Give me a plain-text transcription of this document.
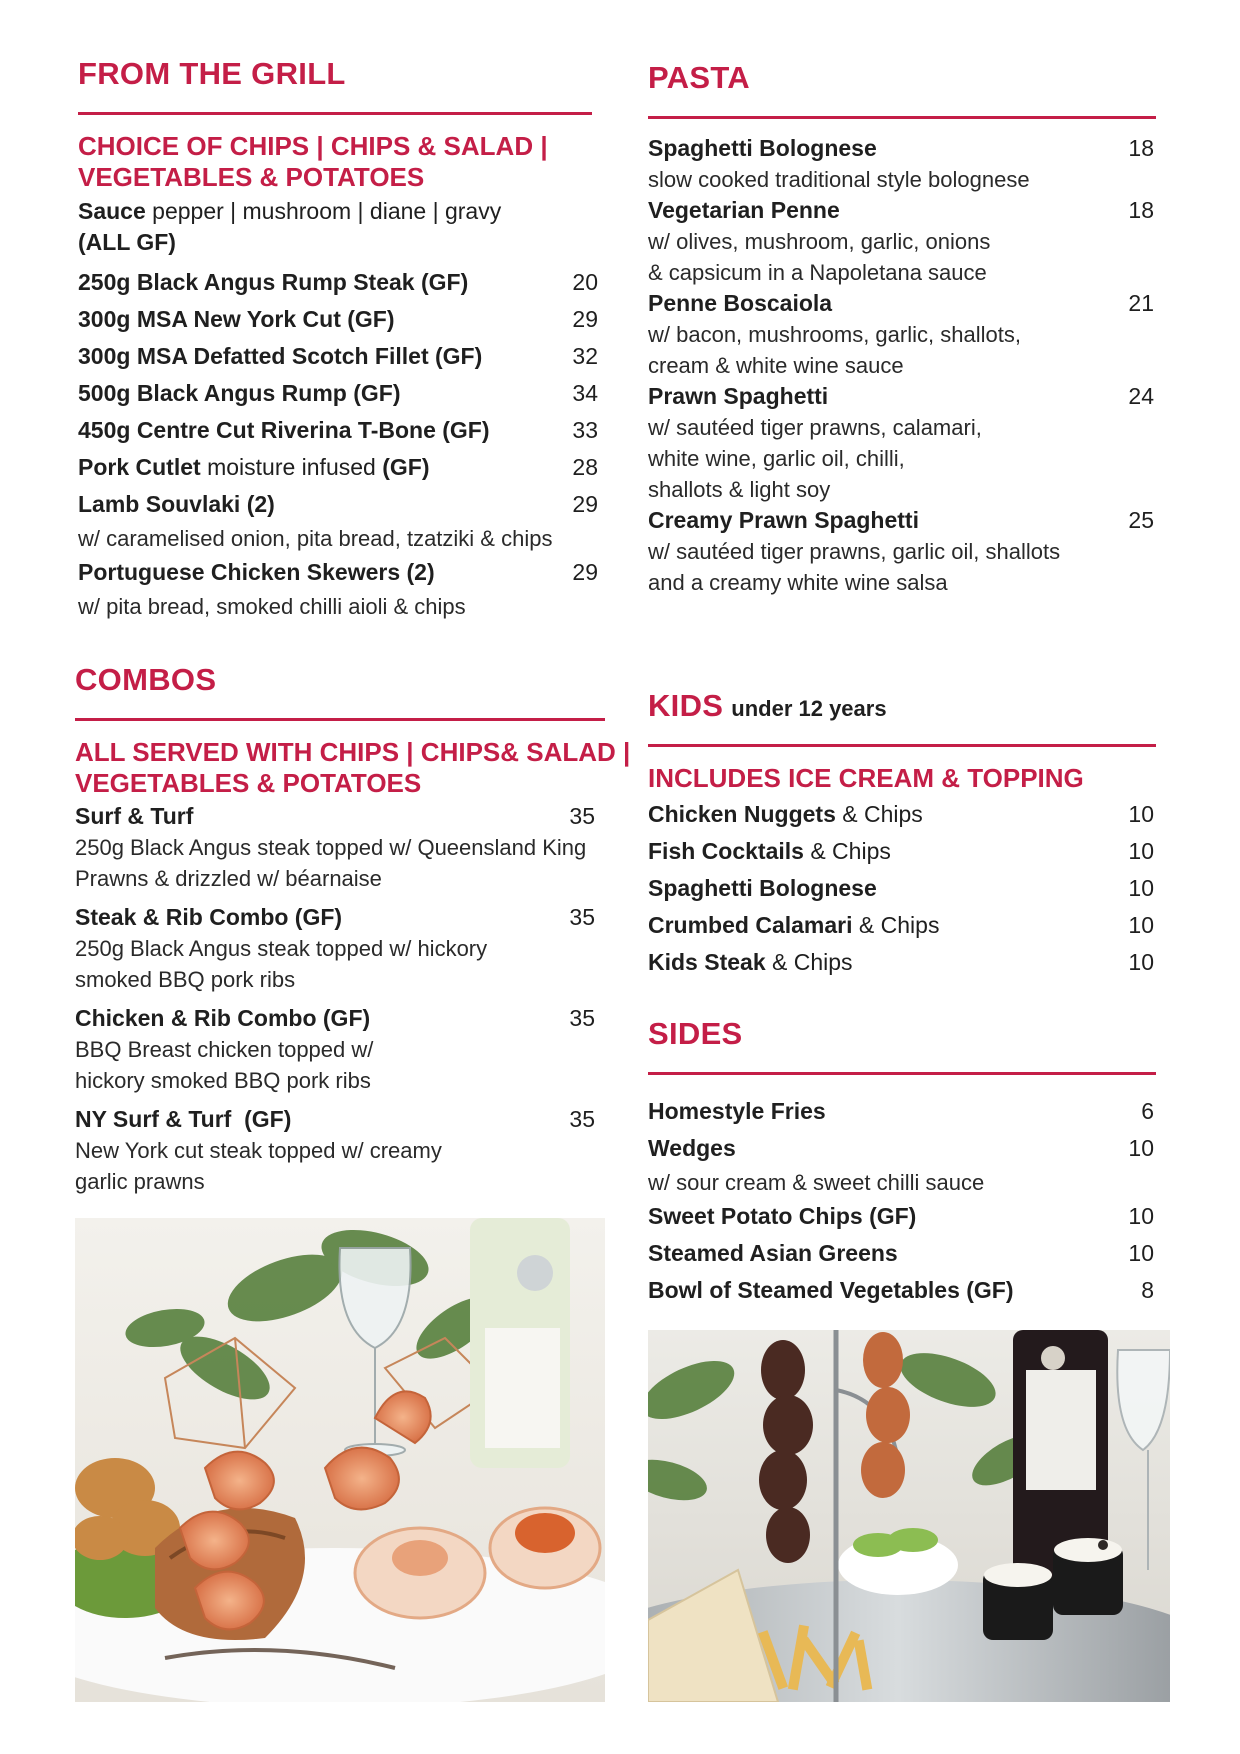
FROM THE GRILL
CHOICE OF CHIPS | CHIPS & SALAD |
VEGETABLES & POTATOES
Sauce pepper | mushroom | diane | gravy
(ALL GF)
250g Black Angus Rump Steak (GF)	20
300g MSA New York Cut (GF)	29
300g MSA Defatted Scotch Fillet (GF)	32
500g Black Angus Rump (GF)	34
450g Centre Cut Riverina T-Bone (GF)	33
Pork Cutlet moisture infused (GF)	28
Lamb Souvlaki (2)	29
w/ caramelised onion, pita bread, tzatziki & chips
Portuguese Chicken Skewers (2)	29
w/ pita bread, smoked chilli aioli & chips
COMBOS
ALL SERVED WITH CHIPS | CHIPS& SALAD |
VEGETABLES & POTATOES
Surf & Turf	35
250g Black Angus steak topped w/ Queensland King
Prawns & drizzled w/ béarnaise
Steak & Rib Combo (GF)	35
250g Black Angus steak topped w/ hickory
smoked BBQ pork ribs
Chicken & Rib Combo (GF)	35
BBQ Breast chicken topped w/
hickory smoked BBQ pork ribs
NY Surf & Turf  (GF)	35
New York cut steak topped w/ creamy
garlic prawns
PASTA
Spaghetti Bolognese	18
slow cooked traditional style bolognese
Vegetarian Penne	18
w/ olives, mushroom, garlic, onions
& capsicum in a Napoletana sauce
Penne Boscaiola	21
w/ bacon, mushrooms, garlic, shallots,
cream & white wine sauce
Prawn Spaghetti	24
w/ sautéed tiger prawns, calamari,
white wine, garlic oil, chilli,
shallots & light soy
Creamy Prawn Spaghetti	25
w/ sautéed tiger prawns, garlic oil, shallots
and a creamy white wine salsa
KIDS under 12 years
INCLUDES ICE CREAM & TOPPING
Chicken Nuggets & Chips	10
Fish Cocktails & Chips	10
Spaghetti Bolognese	10
Crumbed Calamari & Chips	10
Kids Steak & Chips	10
SIDES
Homestyle Fries	6
Wedges	10
w/ sour cream & sweet chilli sauce
Sweet Potato Chips (GF)	10
Steamed Asian Greens	10
Bowl of Steamed Vegetables (GF)	8
